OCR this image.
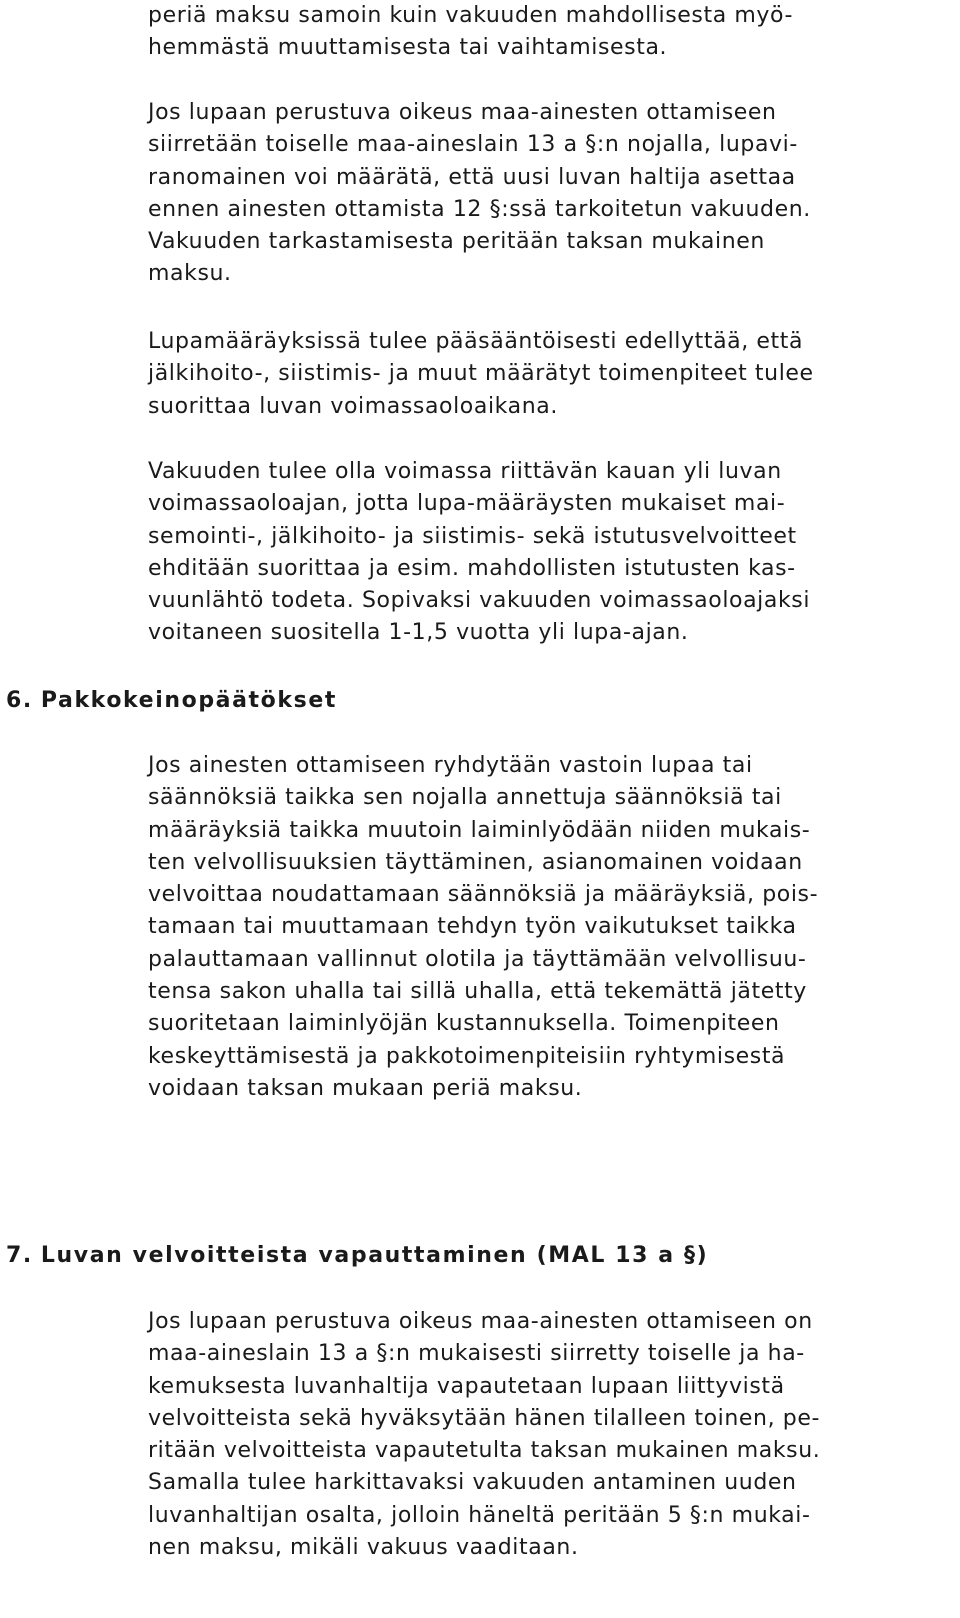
periä maksu samoin kuin vakuuden mahdollisesta myö-
hemmästä muuttamisesta tai vaihtamisesta.

Jos lupaan perustuva oikeus maa-ainesten ottamiseen
siirretään toiselle maa-aineslain 13 a §:n nojalla, lupavi-
ranomainen voi määrätä, että uusi luvan haltija asettaa
ennen ainesten ottamista 12 §:ssä tarkoitetun vakuuden.
Vakuuden tarkastamisesta peritään taksan mukainen
maksu.

Lupamääräyksissä tulee pääsääntöisesti edellyttää, että
jälkihoito-, siistimis- ja muut määrätyt toimenpiteet tulee
suorittaa luvan voimassaoloaikana.

Vakuuden tulee olla voimassa riittävän kauan yli luvan
voimassaoloajan, jotta lupa-määräysten mukaiset mai-
semointi-, jälkihoito- ja siistimis- sekä istutusvelvoitteet
ehditään suorittaa ja esim. mahdollisten istutusten kas-
vuunlähtö todeta. Sopivaksi vakuuden voimassaoloajaksi
voitaneen suositella 1-1,5 vuotta yli lupa-ajan.

6. Pakkokeinopäätökset

Jos ainesten ottamiseen ryhdytään vastoin lupaa tai
säännöksiä taikka sen nojalla annettuja säännöksiä tai
määräyksiä taikka muutoin laiminlyödään niiden mukais-
ten velvollisuuksien täyttäminen, asianomainen voidaan
velvoittaa noudattamaan säännöksiä ja määräyksiä, pois-
tamaan tai muuttamaan tehdyn työn vaikutukset taikka
palauttamaan vallinnut olotila ja täyttämään velvollisuu-
tensa sakon uhalla tai sillä uhalla, että tekemättä jätetty
suoritetaan laiminlyöjän kustannuksella. Toimenpiteen
keskeyttämisestä ja pakkotoimenpiteisiin ryhtymisestä
voidaan taksan mukaan periä maksu.

7. Luvan velvoitteista vapauttaminen (MAL 13 a §)

Jos lupaan perustuva oikeus maa-ainesten ottamiseen on
maa-aineslain 13 a §:n mukaisesti siirretty toiselle ja ha-
kemuksesta luvanhaltija vapautetaan lupaan liittyvistä
velvoitteista sekä hyväksytään hänen tilalleen toinen, pe-
ritään velvoitteista vapautetulta taksan mukainen maksu.
Samalla tulee harkittavaksi vakuuden antaminen uuden
luvanhaltijan osalta, jolloin häneltä peritään 5 §:n mukai-
nen maksu, mikäli vakuus vaaditaan.
